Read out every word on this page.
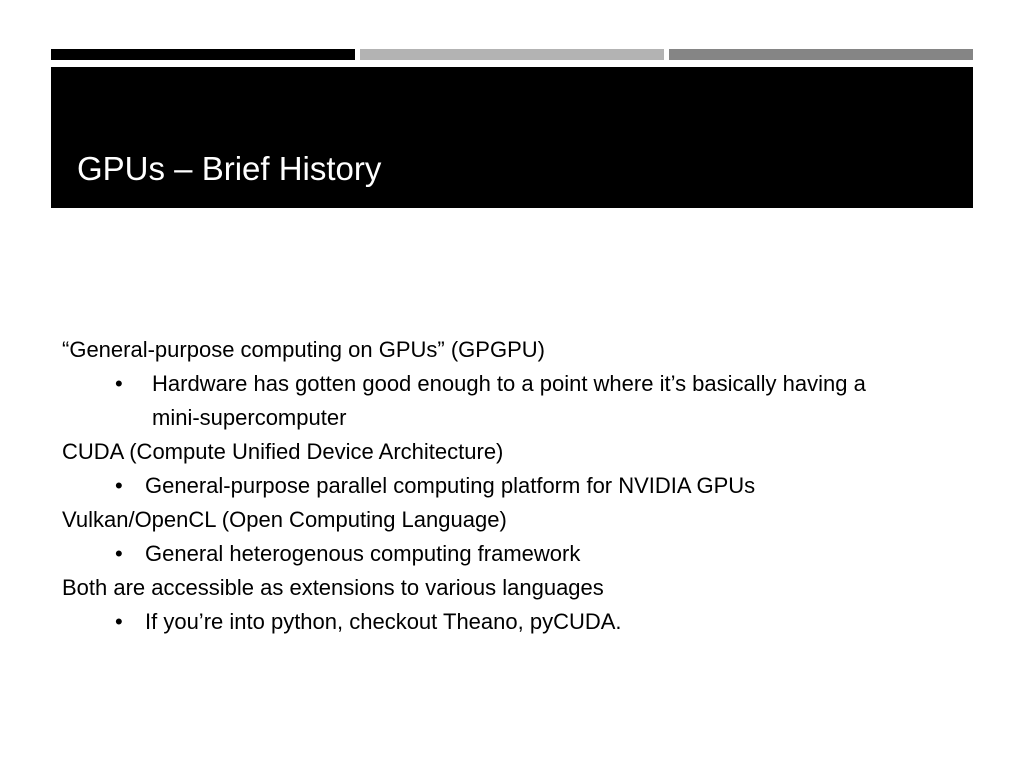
GPUs – Brief History
“General-purpose computing on GPUs” (GPGPU)
• Hardware has gotten good enough to a point where it’s basically having a mini-supercomputer
CUDA (Compute Unified Device Architecture)
• General-purpose parallel computing platform for NVIDIA GPUs
Vulkan/OpenCL (Open Computing Language)
• General heterogenous computing framework
Both are accessible as extensions to various languages
• If you’re into python, checkout Theano, pyCUDA.
